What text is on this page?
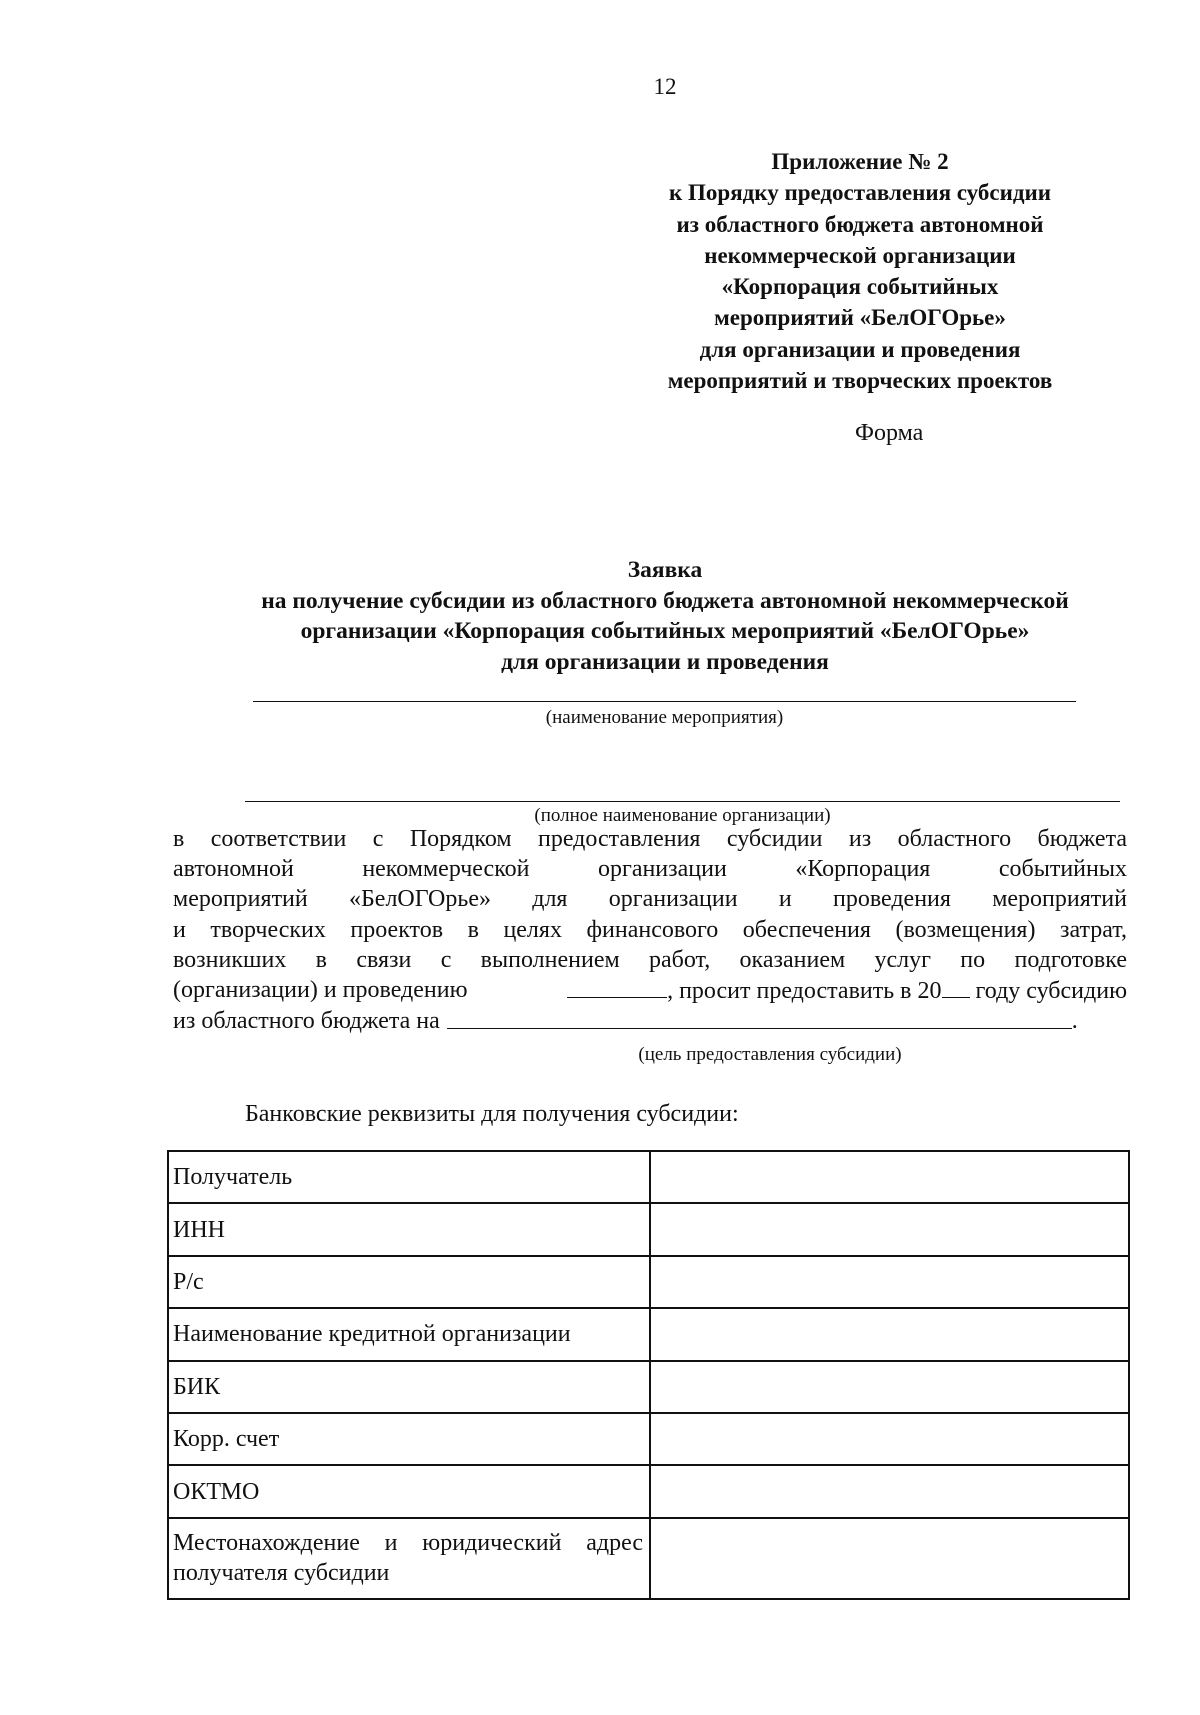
12
Приложение № 2
к Порядку предоставления субсидии
из областного бюджета автономной
некоммерческой организации
«Корпорация событийных
мероприятий «БелОГОрье»
для организации и проведения
мероприятий и творческих проектов
Форма
Заявка
на получение субсидии из областного бюджета автономной некоммерческой
организации «Корпорация событийных мероприятий «БелОГОрье»
для организации и проведения
(наименование мероприятия)
(полное наименование организации)
в соответствии с Порядком предоставления субсидии из областного бюджета
автономной	некоммерческой	организации	«Корпорация	событийных
мероприятий «БелОГОрье» для организации и проведения мероприятий
и творческих проектов в целях финансового обеспечения (возмещения) затрат,
возникших в связи с выполнением работ, оказанием услуг по подготовке
(организации) и проведению	, просит предоставить в 20 году субсидию
из областного бюджета на	.
(цель предоставления субсидии)
Банковские реквизиты для получения субсидии:
Получатель	
ИНН	
Р/с	
Наименование кредитной организации	
БИК	
Корр. счет	
ОКТМО	

Местонахождение и юридический адрес
получателя субсидии	
